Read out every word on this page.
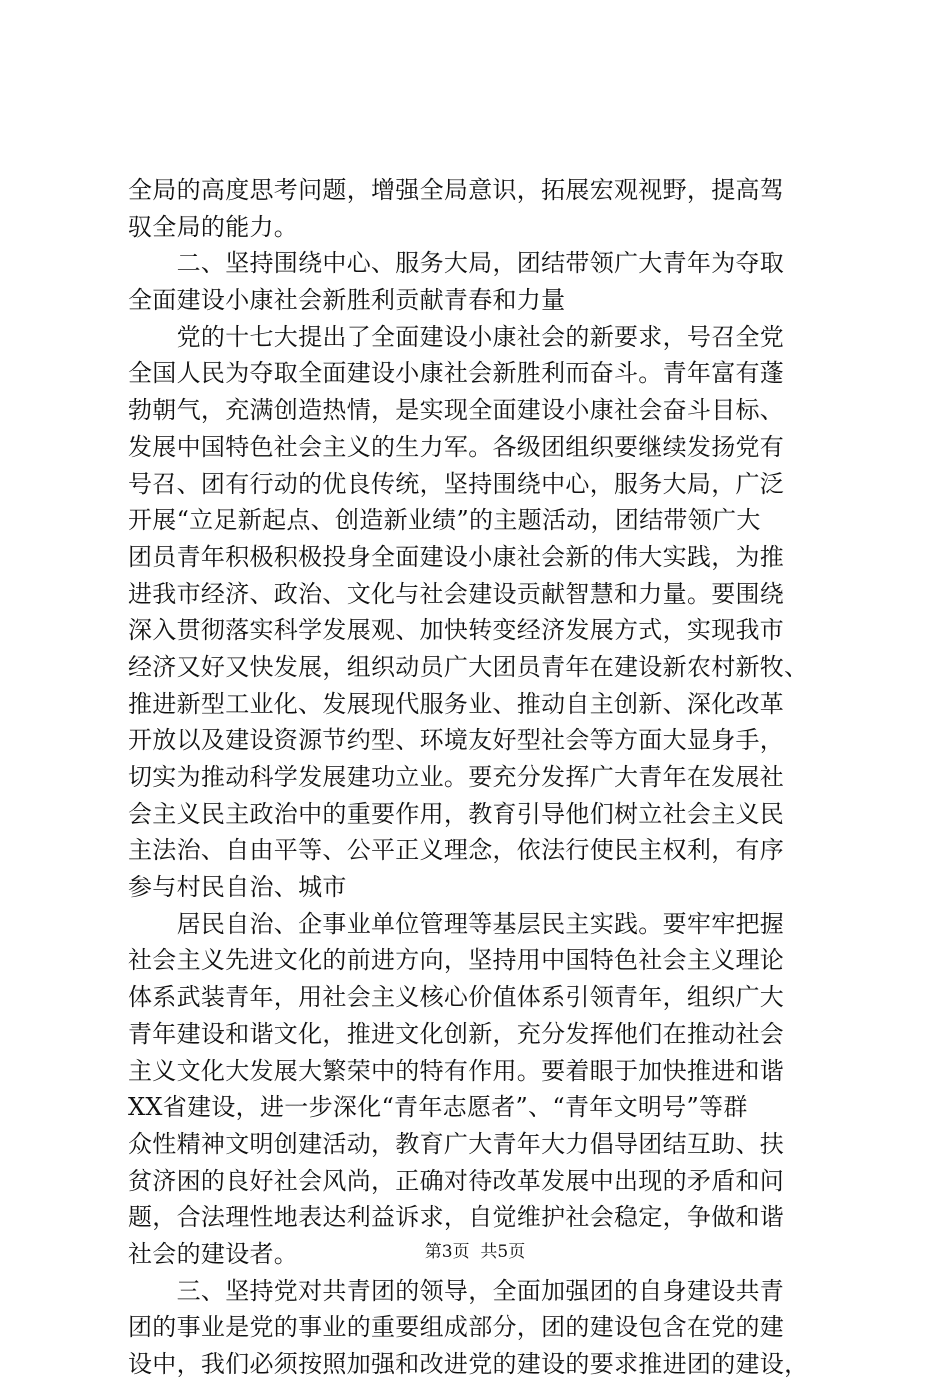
全局的高度思考问题，增强全局意识，拓展宏观视野，提高驾
驭全局的能力。
　　二、坚持围绕中心、服务大局，团结带领广大青年为夺取
全面建设小康社会新胜利贡献青春和力量
　　党的十七大提出了全面建设小康社会的新要求，号召全党
全国人民为夺取全面建设小康社会新胜利而奋斗。青年富有蓬
勃朝气，充满创造热情，是实现全面建设小康社会奋斗目标、
发展中国特色社会主义的生力军。各级团组织要继续发扬党有
号召、团有行动的优良传统，坚持围绕中心，服务大局，广泛
开展“立足新起点、创造新业绩”的主题活动，团结带领广大
团员青年积极积极投身全面建设小康社会新的伟大实践，为推
进我市经济、政治、文化与社会建设贡献智慧和力量。要围绕
深入贯彻落实科学发展观、加快转变经济发展方式，实现我市
经济又好又快发展，组织动员广大团员青年在建设新农村新牧、
推进新型工业化、发展现代服务业、推动自主创新、深化改革
开放以及建设资源节约型、环境友好型社会等方面大显身手，
切实为推动科学发展建功立业。要充分发挥广大青年在发展社
会主义民主政治中的重要作用，教育引导他们树立社会主义民
主法治、自由平等、公平正义理念，依法行使民主权利，有序
参与村民自治、城市
　　居民自治、企事业单位管理等基层民主实践。要牢牢把握
社会主义先进文化的前进方向，坚持用中国特色社会主义理论
体系武装青年，用社会主义核心价值体系引领青年，组织广大
青年建设和谐文化，推进文化创新，充分发挥他们在推动社会
主义文化大发展大繁荣中的特有作用。要着眼于加快推进和谐
XX省建设，进一步深化“青年志愿者”、“青年文明号”等群
众性精神文明创建活动，教育广大青年大力倡导团结互助、扶
贫济困的良好社会风尚，正确对待改革发展中出现的矛盾和问
题，合法理性地表达利益诉求，自觉维护社会稳定，争做和谐
社会的建设者。
　　三、坚持党对共青团的领导，全面加强团的自身建设共青
团的事业是党的事业的重要组成部分，团的建设包含在党的建
设中，我们必须按照加强和改进党的建设的要求推进团的建设，
第3页  共5页
